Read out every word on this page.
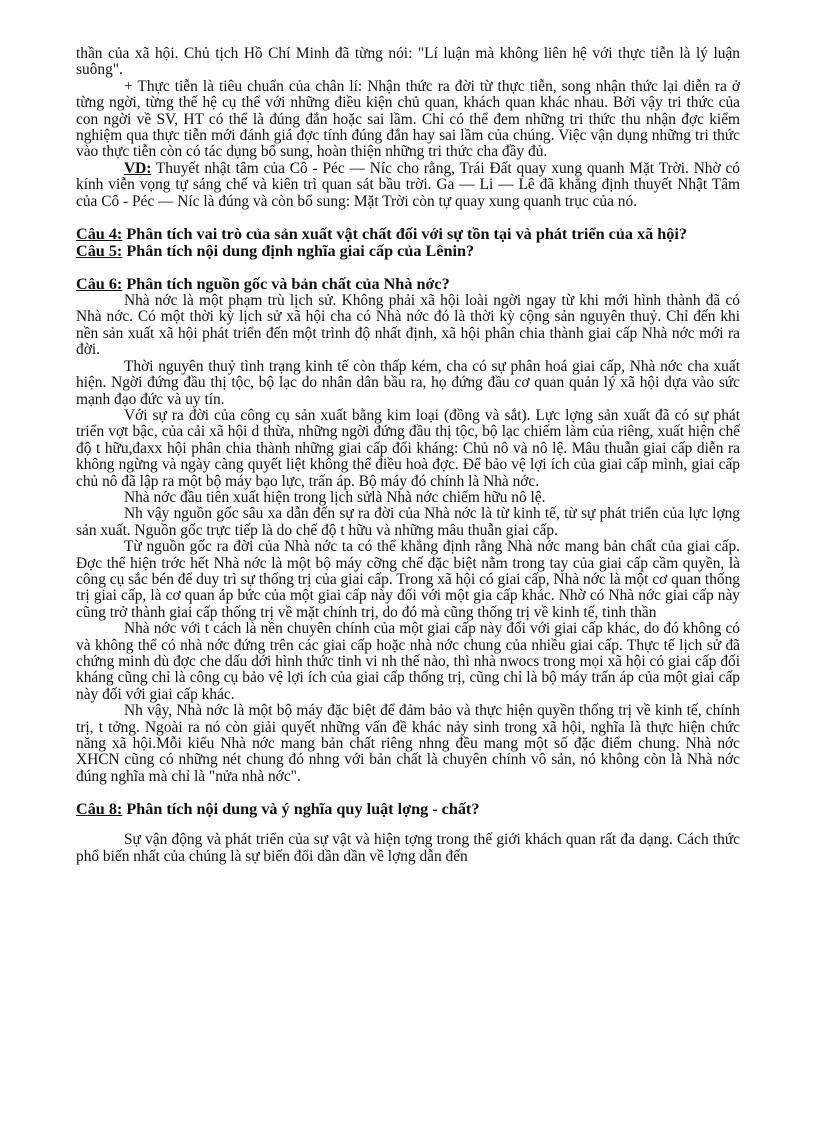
thần của xã hội. Chủ tịch Hồ Chí Minh đã từng nói: "Lí luận mà không liên hệ với thực tiễn là lý luận suông".

+ Thực tiễn là tiêu chuẩn của chân lí: Nhận thức ra đời từ thực tiễn, song nhận thức lại diễn ra ở từng ngời, từng thế hệ cụ thể với những điều kiện chủ quan, khách quan khác nhau. Bởi vậy tri thức của con ngời về SV, HT có thể là đúng đắn hoặc sai lầm. Chỉ có thể đem những tri thức thu nhận đợc kiểm nghiệm qua thực tiễn mới đánh giá đợc tính đúng đắn hay sai lầm của chúng. Việc vận dụng những tri thức vào thực tiễn còn có tác dụng bổ sung, hoàn thiện những tri thức cha đầy đủ.

VD: Thuyết nhật tâm của Cô - Péc — Níc cho rằng, Trái Đất quay xung quanh Mặt Trời. Nhờ có kính viễn vọng tự sáng chế và kiên trì quan sát bầu trời. Ga — Li — Lê đã khẳng định thuyết Nhật Tâm của Cô - Péc — Níc là đúng và còn bổ sung: Mặt Trời còn tự quay xung quanh trục của nó.

Câu 4: Phân tích vai trò của sản xuất vật chất đối với sự tồn tại và phát triển của xã hội?

Câu 5: Phân tích nội dung định nghĩa giai cấp của Lênin?

Câu 6: Phân tích nguồn gốc và bản chất của Nhà nớc?

Nhà nớc là một phạm trù lịch sử. Không phải xã hội loài ngời ngay từ khi mới hình thành đã có Nhà nớc. Có một thời kỳ lịch sử xã hội cha có Nhà nớc đó là thời kỳ cộng sản nguyên thuỷ. Chỉ đến khi nền sản xuất xã hội phát triển đến một trình độ nhất định, xã hội phân chia thành giai cấp Nhà nớc mới ra đời.

Thời nguyên thuỷ tình trạng kinh tế còn thấp kém, cha có sự phân hoá giai cấp, Nhà nớc cha xuất hiện. Ngời đứng đầu thị tộc, bộ lạc do nhân dân bầu ra, họ đứng đầu cơ quan quản lý xã hội dựa vào sức mạnh đạo đức và uy tín.

Với sự ra đời của công cụ sản xuất bằng kim loại (đồng và sắt). Lực lợng sản xuất đã có sự phát triển vợt bậc, của cải xã hội d thừa, những ngời đứng đầu thị tộc, bộ lạc chiếm làm của riêng, xuất hiện chế độ t hữu,đaxx hội phân chia thành những giai cấp đối kháng: Chủ nô và nô lệ. Mâu thuẫn giai cấp diễn ra không ngừng và ngày càng quyết liệt không thể điều hoà đợc. Để bảo vệ lợi ích của giai cấp mình, giai cấp chủ nô đã lập ra một bộ máy bạo lực, trấn áp. Bộ máy đó chính là Nhà nớc.

Nhà nớc đầu tiên xuất hiện trong lịch sửlà Nhà nớc chiếm hữu nô lệ.

Nh vậy nguồn gốc sâu xa dẫn đến sự ra đời của Nhà nớc là từ kinh tế, từ sự phát triển của lực lợng sản xuất. Nguồn gốc trực tiếp là do chế độ t hữu và những mâu thuẫn giai cấp.

Từ nguồn gốc ra đời của Nhà nớc ta có thể khẳng định rằng Nhà nớc mang bản chất của giai cấp. Đợc thể hiện trớc hết Nhà nớc là một bộ máy cỡng chế đặc biệt nằm trong tay của giai cấp cầm quyền, là công cụ sắc bén để duy trì sự thống trị của giai cấp. Trong xã hội có giai cấp, Nhà nớc là một cơ quan thống trị giai cấp, là cơ quan áp bức của một giai cấp này đối với một gia cấp khác. Nhờ có Nhà nớc giai cấp này cũng trở thành giai cấp thống trị về mặt chính trị, do đó mà cũng thống trị về kinh tế, tinh thần

Nhà nớc với t cách là nền chuyên chính của một giai cấp này đối với giai cấp khác, do đó không có và không thể có nhà nớc đứng trên các giai cấp hoặc nhà nớc chung của nhiều giai cấp. Thực tế lịch sử đã chứng minh dù đợc che dấu dới hình thức tinh vi nh thế nào, thì nhà nwocs trong mọi xã hội có giai cấp đối kháng cũng chỉ là công cụ bảo vệ lợi ích của giai cấp thống trị, cũng chỉ là bộ máy trấn áp của một giai cấp này đối với giai cấp khác.

Nh vậy, Nhà nớc là một bộ máy đặc biệt để đảm bảo và thực hiện quyền thống trị về kinh tế, chính trị, t tởng. Ngoài ra nó còn giải quyết những vấn đề khác nảy sinh trong xã hội, nghĩa là thực hiện chức năng xã hội.Mỗi kiểu Nhà nớc mang bản chất riêng nhng đều mang một số đặc điểm chung. Nhà nớc XHCN cũng có những nét chung đó nhng với bản chất là chuyên chính vô sản, nó không còn là Nhà nớc đúng nghĩa mà chỉ là "nửa nhà nớc".

Câu 8: Phân tích nội dung và ý nghĩa quy luật lợng - chất?

Sự vận động và phát triển của sự vật và hiện tợng trong thế giới khách quan rất đa dạng. Cách thức phổ biến nhất của chúng là sự biến đổi dần dần về lợng dẫn đến
